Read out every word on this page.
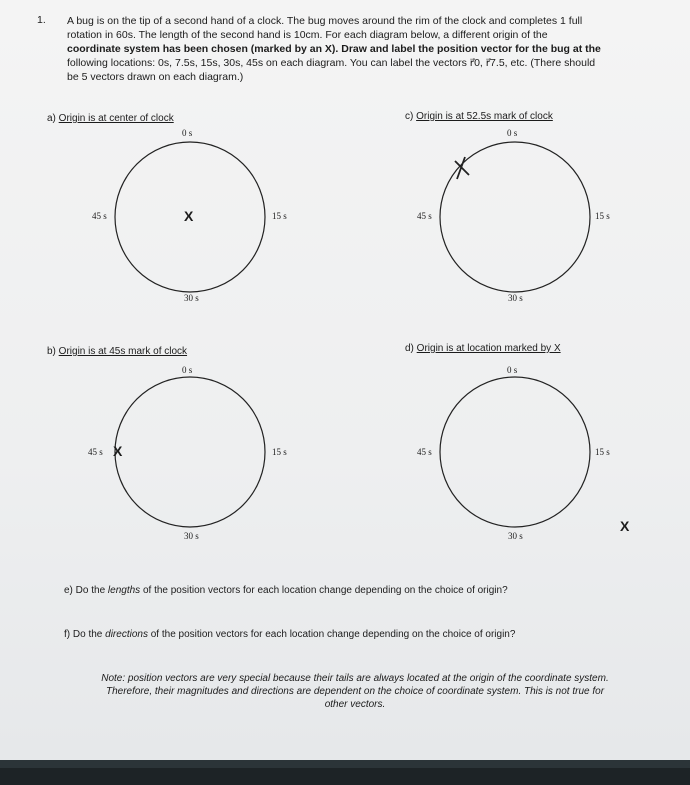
1. A bug is on the tip of a second hand of a clock. The bug moves around the rim of the clock and completes 1 full
rotation in 60s. The length of the second hand is 10cm. For each diagram below, a different origin of the
coordinate system has been chosen (marked by an X). Draw and label the position vector for the bug at the
following locations: 0s, 7.5s, 15s, 30s, 45s on each diagram. You can label the vectors r⃗0, r⃗7.5, etc. (There should
be 5 vectors drawn on each diagram.)
a) Origin is at center of clock
0 s
15 s
30 s
45 s	X
c) Origin is at 52.5s mark of clock
0 s
15 s
30 s
45 s
b) Origin is at 45s mark of clock
0 s
15 s
30 s
45 s X
d) Origin is at location marked by X
0 s
15 s
30 s
45 s
X
e) Do the lengths of the position vectors for each location change depending on the choice of origin?
f) Do the directions of the position vectors for each location change depending on the choice of origin?
Note: position vectors are very special because their tails are always located at the origin of the coordinate system.
Therefore, their magnitudes and directions are dependent on the choice of coordinate system. This is not true for
other vectors.
